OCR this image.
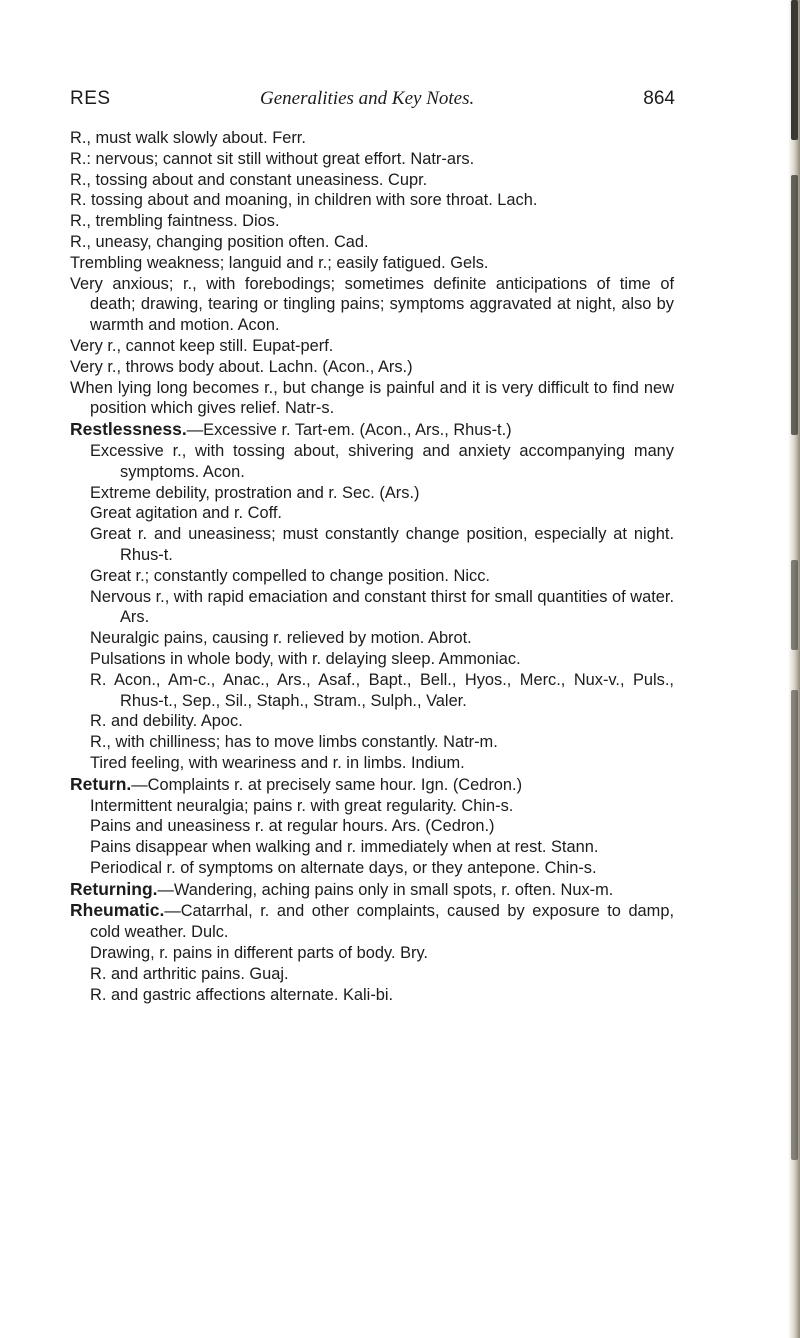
RES	Generalities and Key Notes.	864

R., must walk slowly about. Ferr.

R.: nervous; cannot sit still without great effort. Natr-ars.

R., tossing about and constant uneasiness. Cupr.

R. tossing about and moaning, in children with sore throat. Lach.

R., trembling faintness. Dios.

R., uneasy, changing position often. Cad.

Trembling weakness; languid and r.; easily fatigued. Gels.

Very anxious; r., with forebodings; sometimes definite anticipations of time of death; drawing, tearing or tingling pains; symptoms aggravated at night, also by warmth and motion. Acon.

Very r., cannot keep still. Eupat-perf.

Very r., throws body about. Lachn. (Acon., Ars.)

When lying long becomes r., but change is painful and it is very difficult to find new position which gives relief. Natr-s.

Restlessness.—Excessive r. Tart-em. (Acon., Ars., Rhus-t.)

Excessive r., with tossing about, shivering and anxiety accompanying many symptoms. Acon.

Extreme debility, prostration and r. Sec. (Ars.)

Great agitation and r. Coff.

Great r. and uneasiness; must constantly change position, especially at night. Rhus-t.

Great r.; constantly compelled to change position. Nicc.

Nervous r., with rapid emaciation and constant thirst for small quantities of water. Ars.

Neuralgic pains, causing r. relieved by motion. Abrot.

Pulsations in whole body, with r. delaying sleep. Ammoniac.

R. Acon., Am-c., Anac., Ars., Asaf., Bapt., Bell., Hyos., Merc., Nux-v., Puls., Rhus-t., Sep., Sil., Staph., Stram., Sulph., Valer.

R. and debility. Apoc.

R., with chilliness; has to move limbs constantly. Natr-m.

Tired feeling, with weariness and r. in limbs. Indium.

Return.—Complaints r. at precisely same hour. Ign. (Cedron.)

Intermittent neuralgia; pains r. with great regularity. Chin-s.

Pains and uneasiness r. at regular hours. Ars. (Cedron.)

Pains disappear when walking and r. immediately when at rest. Stann.

Periodical r. of symptoms on alternate days, or they antepone. Chin-s.

Returning.—Wandering, aching pains only in small spots, r. often. Nux-m.

Rheumatic.—Catarrhal, r. and other complaints, caused by exposure to damp, cold weather. Dulc.

Drawing, r. pains in different parts of body. Bry.

R. and arthritic pains. Guaj.

R. and gastric affections alternate. Kali-bi.
